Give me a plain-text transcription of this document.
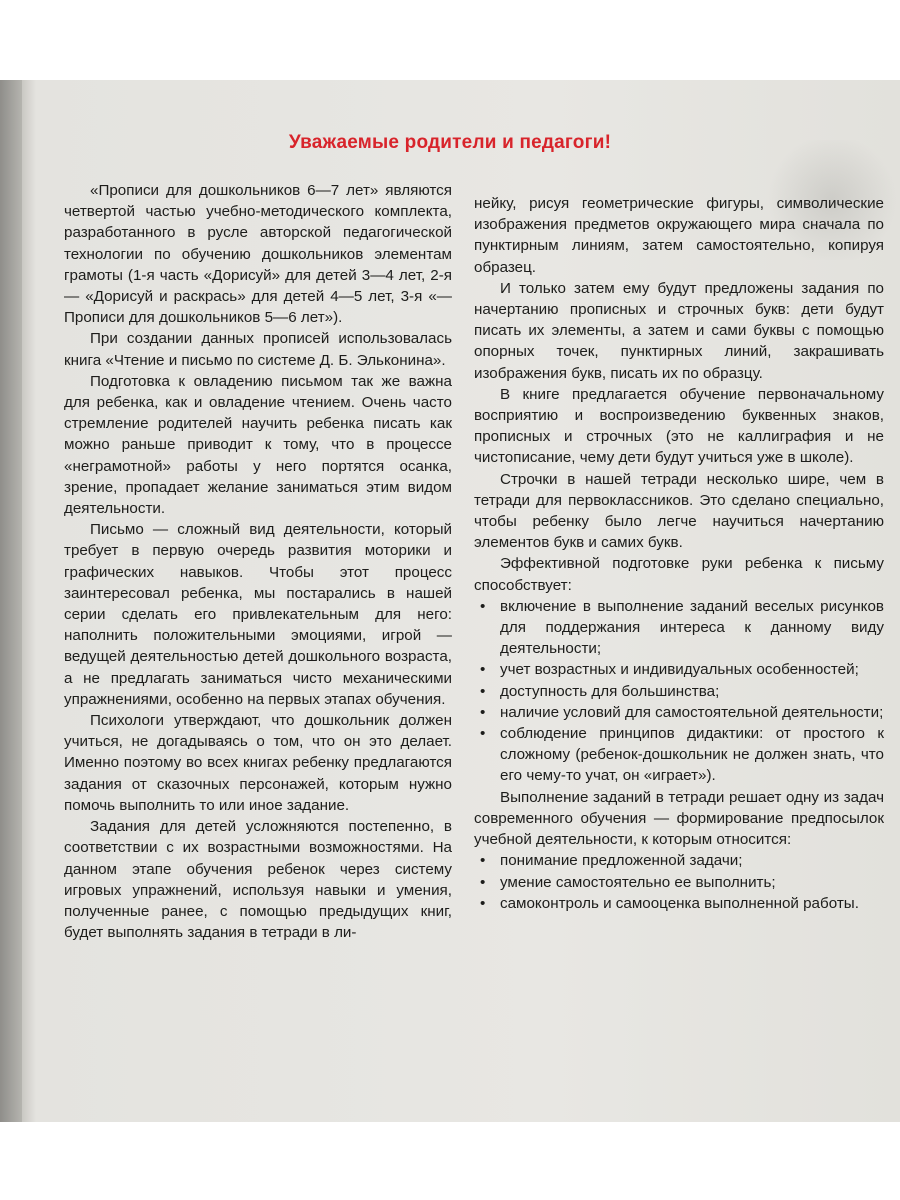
Уважаемые родители и педагоги!

«Прописи для дошкольников 6—7 лет» являются четвертой частью учебно-методического комплекта, разработанного в русле авторской педагогической технологии по обучению дошкольников элементам грамоты (1-я часть «Дорисуй» для детей 3—4 лет, 2-я — «Дорисуй и раскрась» для детей 4—5 лет, 3-я «— Прописи для дошкольников 5—6 лет»).

При создании данных прописей использовалась книга «Чтение и письмо по системе Д. Б. Эльконина».

Подготовка к овладению письмом так же важна для ребенка, как и овладение чтением. Очень часто стремление родителей научить ребенка писать как можно раньше приводит к тому, что в процессе «неграмотной» работы у него портятся осанка, зрение, пропадает желание заниматься этим видом деятельности.

Письмо — сложный вид деятельности, который требует в первую очередь развития моторики и графических навыков. Чтобы этот процесс заинтересовал ребенка, мы постарались в нашей серии сделать его привлекательным для него: наполнить положительными эмоциями, игрой — ведущей деятельностью детей дошкольного возраста, а не предлагать заниматься чисто механическими упражнениями, особенно на первых этапах обучения.

Психологи утверждают, что дошкольник должен учиться, не догадываясь о том, что он это делает. Именно поэтому во всех книгах ребенку предлагаются задания от сказочных персонажей, которым нужно помочь выполнить то или иное задание.

Задания для детей усложняются постепенно, в соответствии с их возрастными возможностями. На данном этапе обучения ребенок через систему игровых упражнений, используя навыки и умения, полученные ранее, с помощью предыдущих книг, будет выполнять задания в тетради в ли-

нейку, рисуя геометрические фигуры, символические изображения предметов окружающего мира сначала по пунктирным линиям, затем самостоятельно, копируя образец.

И только затем ему будут предложены задания по начертанию прописных и строчных букв: дети будут писать их элементы, а затем и сами буквы с помощью опорных точек, пунктирных линий, закрашивать изображения букв, писать их по образцу.

В книге предлагается обучение первоначальному восприятию и воспроизведению буквенных знаков, прописных и строчных (это не каллиграфия и не чистописание, чему дети будут учиться уже в школе).

Строчки в нашей тетради несколько шире, чем в тетради для первоклассников. Это сделано специально, чтобы ребенку было легче научиться начертанию элементов букв и самих букв.

Эффективной подготовке руки ребенка к письму способствует:

• включение в выполнение заданий веселых рисунков для поддержания интереса к данному виду деятельности;
• учет возрастных и индивидуальных особенностей;
• доступность для большинства;
• наличие условий для самостоятельной деятельности;
• соблюдение принципов дидактики: от простого к сложному (ребенок-дошкольник не должен знать, что его чему-то учат, он «играет»).

Выполнение заданий в тетради решает одну из задач современного обучения — формирование предпосылок учебной деятельности, к которым относится:

• понимание предложенной задачи;
• умение самостоятельно ее выполнить;
• самоконтроль и самооценка выполненной работы.
